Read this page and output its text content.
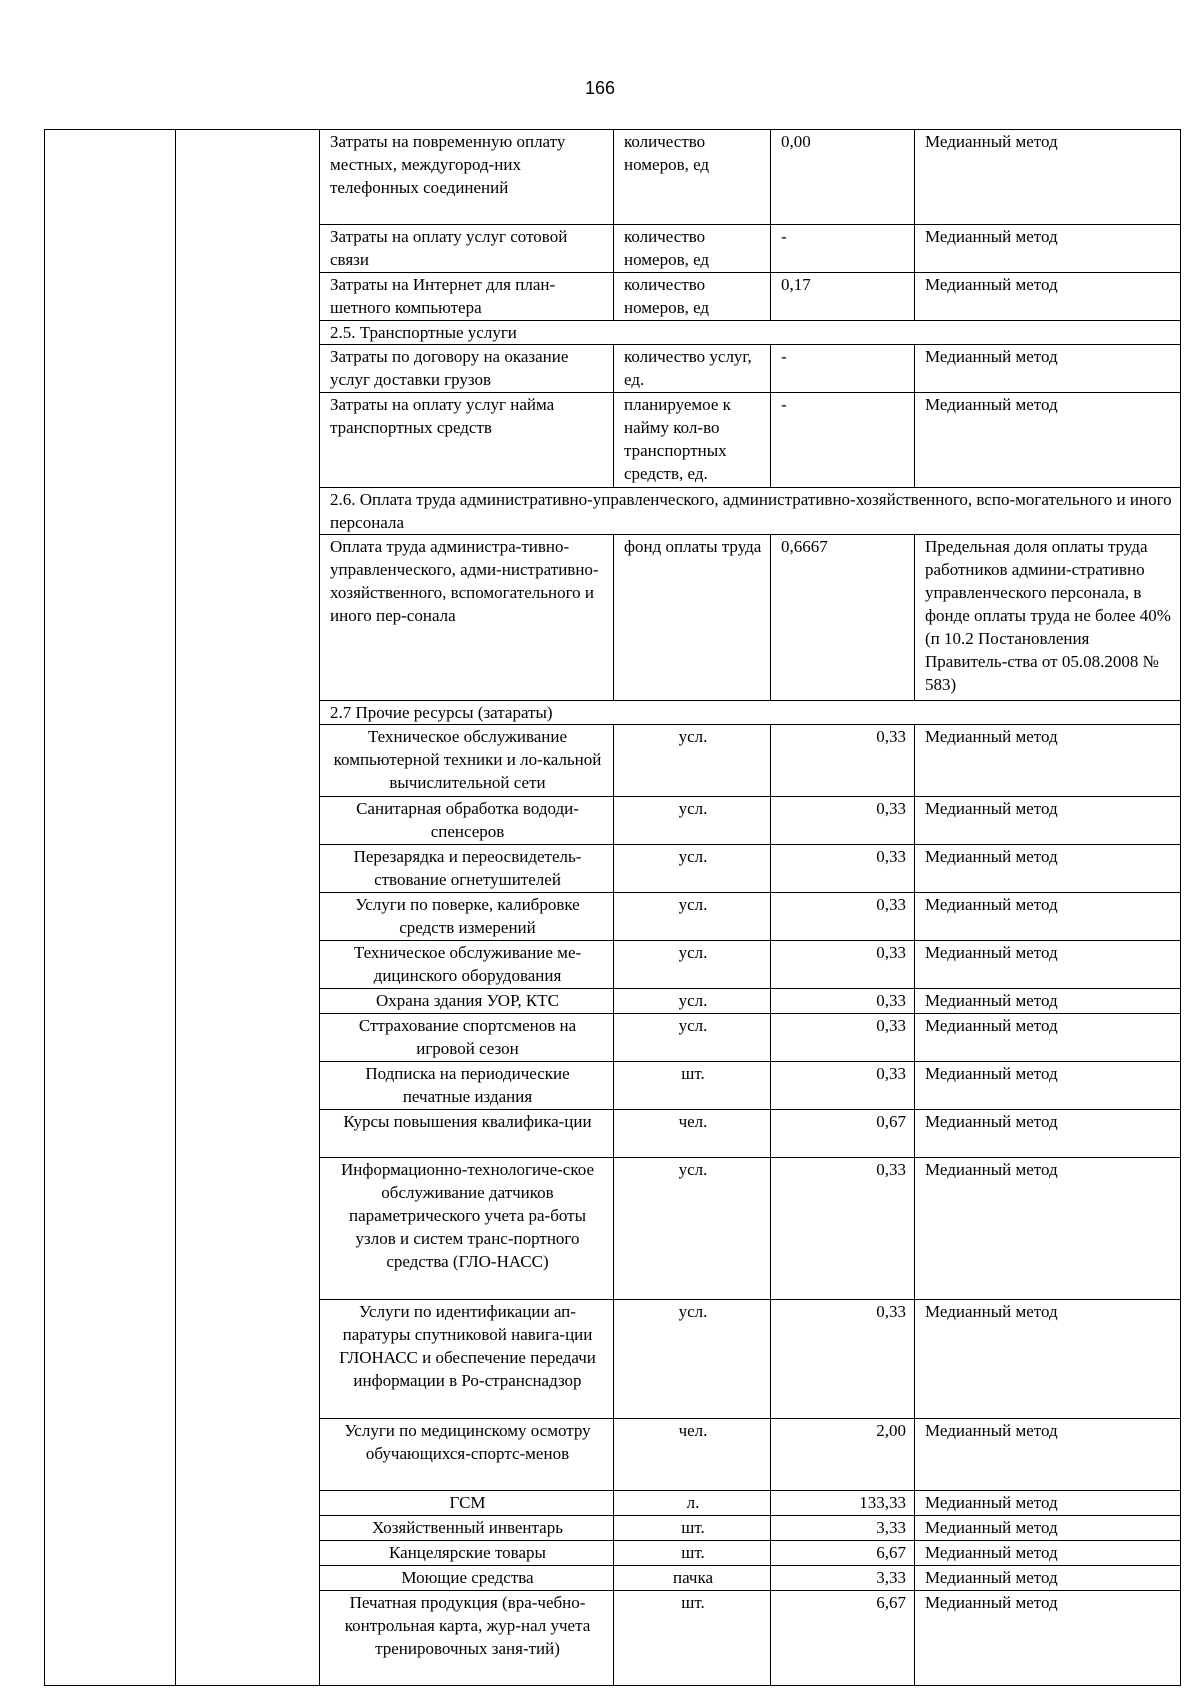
166
		Затраты на повременную оплату местных, междугород-них телефонных соединений	количество номеров, ед	0,00	Медианный метод
		Затраты на оплату услуг сотовой связи	количество номеров, ед	-	Медианный метод
		Затраты на Интернет для план-шетного компьютера	количество номеров, ед	0,17	Медианный метод
		2.5. Транспортные услуги			
		Затраты по договору на оказание услуг доставки грузов	количество услуг, ед.	-	Медианный метод
		Затраты на оплату услуг найма транспортных средств	планируемое к найму кол-во транспортных средств, ед.	-	Медианный метод
		2.6. Оплата труда административно-управленческого, административно-хозяйственного, вспо-могательного и иного персонала			
		Оплата труда администра-тивно-управленческого, адми-нистративно-хозяйственного, вспомогательного и иного пер-сонала	фонд оплаты труда	0,6667	Предельная доля оплаты труда работников админи-стративно управленческого персонала, в фонде оплаты труда не более 40% (п 10.2 Постановления Правитель-ства от 05.08.2008 № 583)
		2.7 Прочие ресурсы (затараты)			
		Техническое обслуживание компьютерной техники и ло-кальной вычислительной сети	усл.	0,33	Медианный метод
		Санитарная обработка вододи-спенсеров	усл.	0,33	Медианный метод
		Перезарядка и переосвидетель-ствование огнетушителей	усл.	0,33	Медианный метод
		Услуги по поверке, калибровке средств измерений	усл.	0,33	Медианный метод
		Техническое обслуживание ме-дицинского оборудования	усл.	0,33	Медианный метод
		Охрана здания УОР, КТС	усл.	0,33	Медианный метод
		Сттрахование спортсменов на игровой сезон	усл.	0,33	Медианный метод
		Подписка на периодические печатные издания	шт.	0,33	Медианный метод
		Курсы повышения квалифика-ции	чел.	0,67	Медианный метод
		Информационно-технологиче-ское обслуживание датчиков параметрического учета ра-боты узлов и систем транс-портного средства (ГЛО-НАСС)	усл.	0,33	Медианный метод
		Услуги по идентификации ап-паратуры спутниковой навига-ции ГЛОНАСС и обеспечение передачи информации в Ро-странснадзор	усл.	0,33	Медианный метод
		Услуги по медицинскому осмотру обучающихся-спортс-менов	чел.	2,00	Медианный метод
		ГСМ	л.	133,33	Медианный метод
		Хозяйственный инвентарь	шт.	3,33	Медианный метод
		Канцелярские товары	шт.	6,67	Медианный метод
		Моющие средства	пачка	3,33	Медианный метод
		Печатная продукция (вра-чебно-контрольная карта, жур-нал учета тренировочных заня-тий)	шт.	6,67	Медианный метод
